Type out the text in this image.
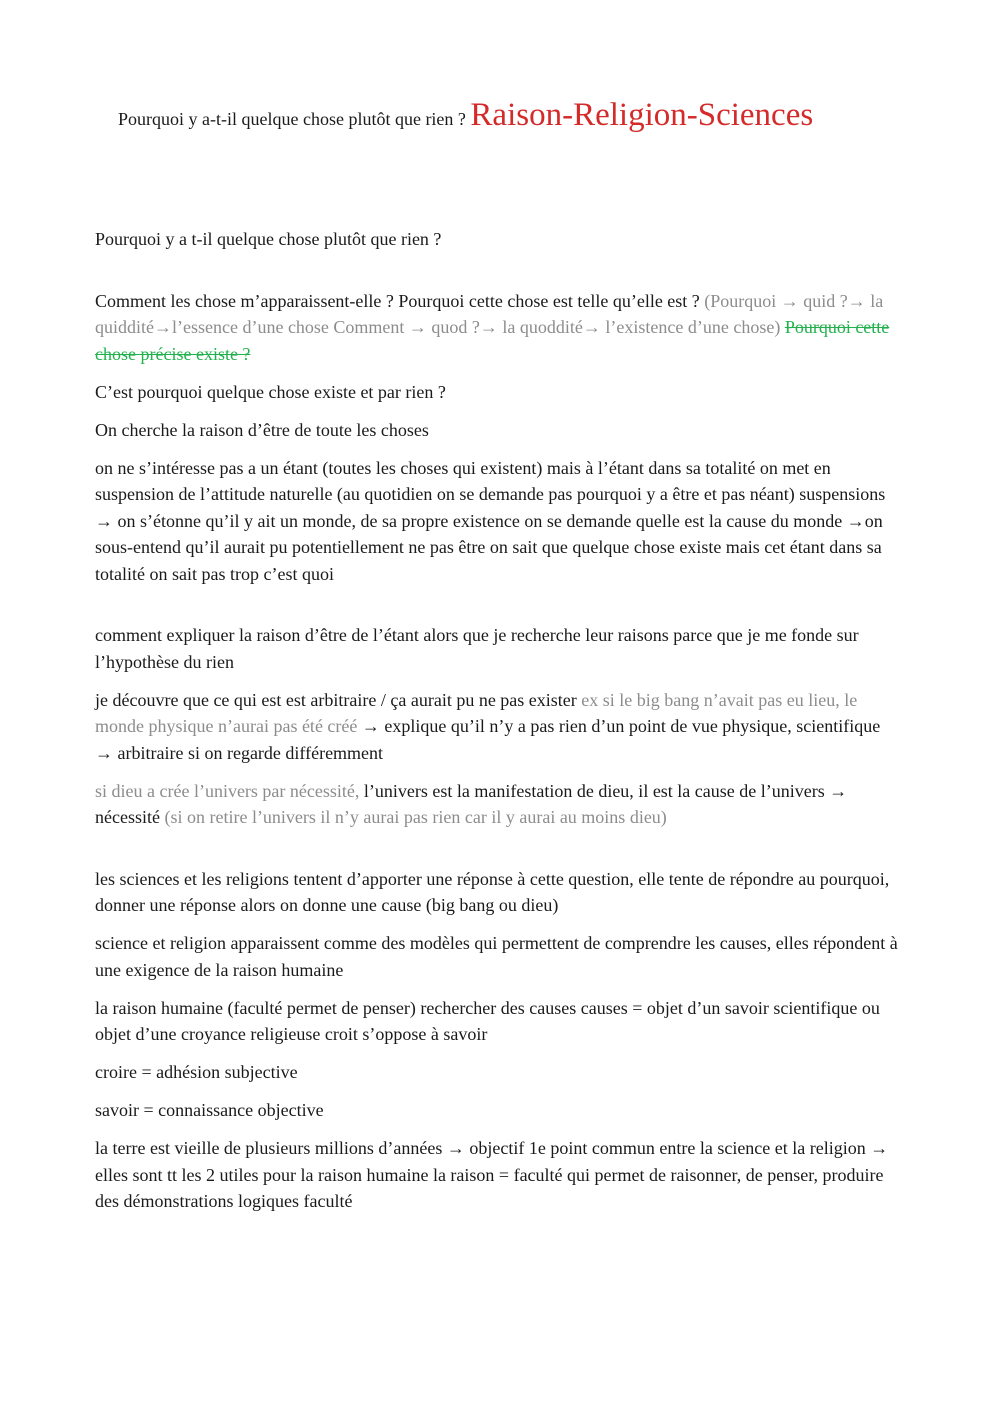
Pourquoi y a-t-il quelque chose plutôt que rien ? Raison-Religion-Sciences

Pourquoi y a t-il quelque chose plutôt que rien ?

Comment les chose m’apparaissent-elle ? Pourquoi cette chose est telle qu’elle est ? (Pourquoi → quid ?→ la quiddité→l’essence d’une chose Comment → quod ?→ la quoddité→ l’existence d’une chose) Pourquoi cette chose précise existe ?

C’est pourquoi quelque chose existe et par rien ?

On cherche la raison d’être de toute les choses

on ne s’intéresse pas a un étant (toutes les choses qui existent) mais à l’étant dans sa totalité on met en suspension de l’attitude naturelle (au quotidien on se demande pas pourquoi y a être et pas néant) suspensions → on s’étonne qu’il y ait un monde, de sa propre existence on se demande quelle est la cause du monde →on sous-entend qu’il aurait pu potentiellement ne pas être on sait que quelque chose existe mais cet étant dans sa totalité on sait pas trop c’est quoi

comment expliquer la raison d’être de l’étant alors que je recherche leur raisons parce que je me fonde sur l’hypothèse du rien

je découvre que ce qui est est arbitraire / ça aurait pu ne pas exister ex si le big bang n’avait pas eu lieu, le monde physique n’aurai pas été créé → explique qu’il n’y a pas rien d’un point de vue physique, scientifique → arbitraire si on regarde différemment

si dieu a crée l’univers par nécessité, l’univers est la manifestation de dieu, il est la cause de l’univers → nécessité (si on retire l’univers il n’y aurai pas rien car il y aurai au moins dieu)

les sciences et les religions tentent d’apporter une réponse à cette question, elle tente de répondre au pourquoi, donner une réponse alors on donne une cause (big bang ou dieu)

science et religion apparaissent comme des modèles qui permettent de comprendre les causes, elles répondent à une exigence de la raison humaine

la raison humaine (faculté permet de penser) rechercher des causes causes = objet d’un savoir scientifique ou objet d’une croyance religieuse croit s’oppose à savoir

croire = adhésion subjective

savoir = connaissance objective

la terre est vieille de plusieurs millions d’années → objectif 1e point commun entre la science et la religion → elles sont tt les 2 utiles pour la raison humaine la raison = faculté qui permet de raisonner, de penser, produire des démonstrations logiques faculté
